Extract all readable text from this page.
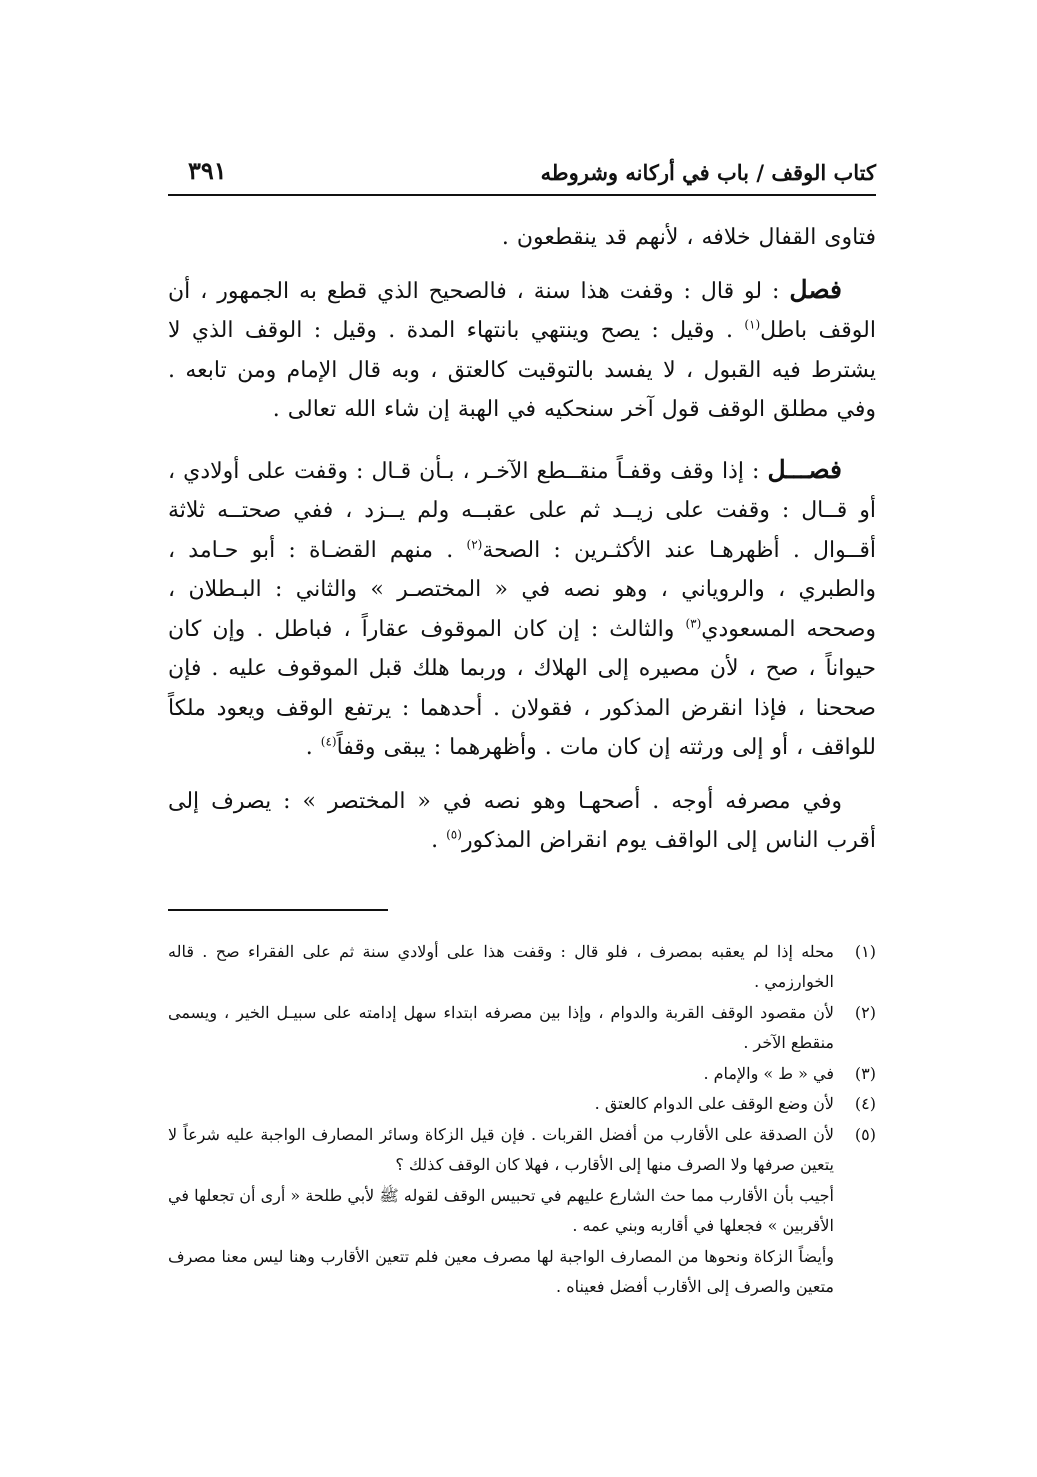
كتاب الوقف / باب في أركانه وشروطه
٣٩١

فتاوى القفال خلافه ، لأنهم قد ينقطعون .

فصل : لو قال : وقفت هذا سنة ، فالصحيح الذي قطع به الجمهور ، أن الوقف باطل$^{(١)}$ . وقيل : يصح وينتهي بانتهاء المدة . وقيل : الوقف الذي لا يشترط فيه القبول ، لا يفسد بالتوقيت كالعتق ، وبه قال الإمام ومن تابعه . وفي مطلق الوقف قول آخر سنحكيه في الهبة إن شاء الله تعالى .

فصـــل : إذا وقف وقفـاً منقــطع الآخـر ، بـأن قـال : وقفت على أولادي ، أو قــال : وقفت على زيــد ثم على عقبــه ولم يــزد ، ففي صحتــه ثلاثة أقــوال . أظهرهـا عند الأكثـرين : الصحة$^{(٢)}$ . منهم القضـاة : أبو حـامد ، والطبري ، والروياني ، وهو نصه في « المختصـر » والثاني : البـطلان ، وصححه المسعودي$^{(٣)}$ والثالث : إن كان الموقوف عقاراً ، فباطل . وإن كان حيواناً ، صح ، لأن مصيره إلى الهلاك ، وربما هلك قبل الموقوف عليه . فإن صححنا ، فإذا انقرض المذكور ، فقولان . أحدهما : يرتفع الوقف ويعود ملكاً للواقف ، أو إلى ورثته إن كان مات . وأظهرهما : يبقى وقفاً$^{(٤)}$ .

وفي مصرفه أوجه . أصحهـا وهو نصه في « المختصر » : يصرف إلى أقرب الناس إلى الواقف يوم انقراض المذكور$^{(٥)}$ .

(١)
محله إذا لم يعقبه بمصرف ، فلو قال : وقفت هذا على أولادي سنة ثم على الفقراء صح . قاله الخوارزمي .
(٢)
لأن مقصود الوقف القربة والدوام ، وإذا بين مصرفه ابتداء سهل إدامته على سبيـل الخير ، ويسمى منقطع الآخر .
(٣)
في « ط » والإمام .
(٤)
لأن وضع الوقف على الدوام كالعتق .
(٥)
لأن الصدقة على الأقارب من أفضل القربات . فإن قيل الزكاة وسائر المصارف الواجبة عليه شرعاً لا يتعين صرفها ولا الصرف منها إلى الأقارب ، فهلا كان الوقف كذلك ؟
أجيب بأن الأقارب مما حث الشارع عليهم في تحبيس الوقف لقوله ﷺ لأبي طلحة « أرى أن تجعلها في الأقربين » فجعلها في أقاربه وبني عمه .
وأيضاً الزكاة ونحوها من المصارف الواجبة لها مصرف معين فلم تتعين الأقارب وهنا ليس معنا مصرف متعين والصرف إلى الأقارب أفضل فعيناه .
